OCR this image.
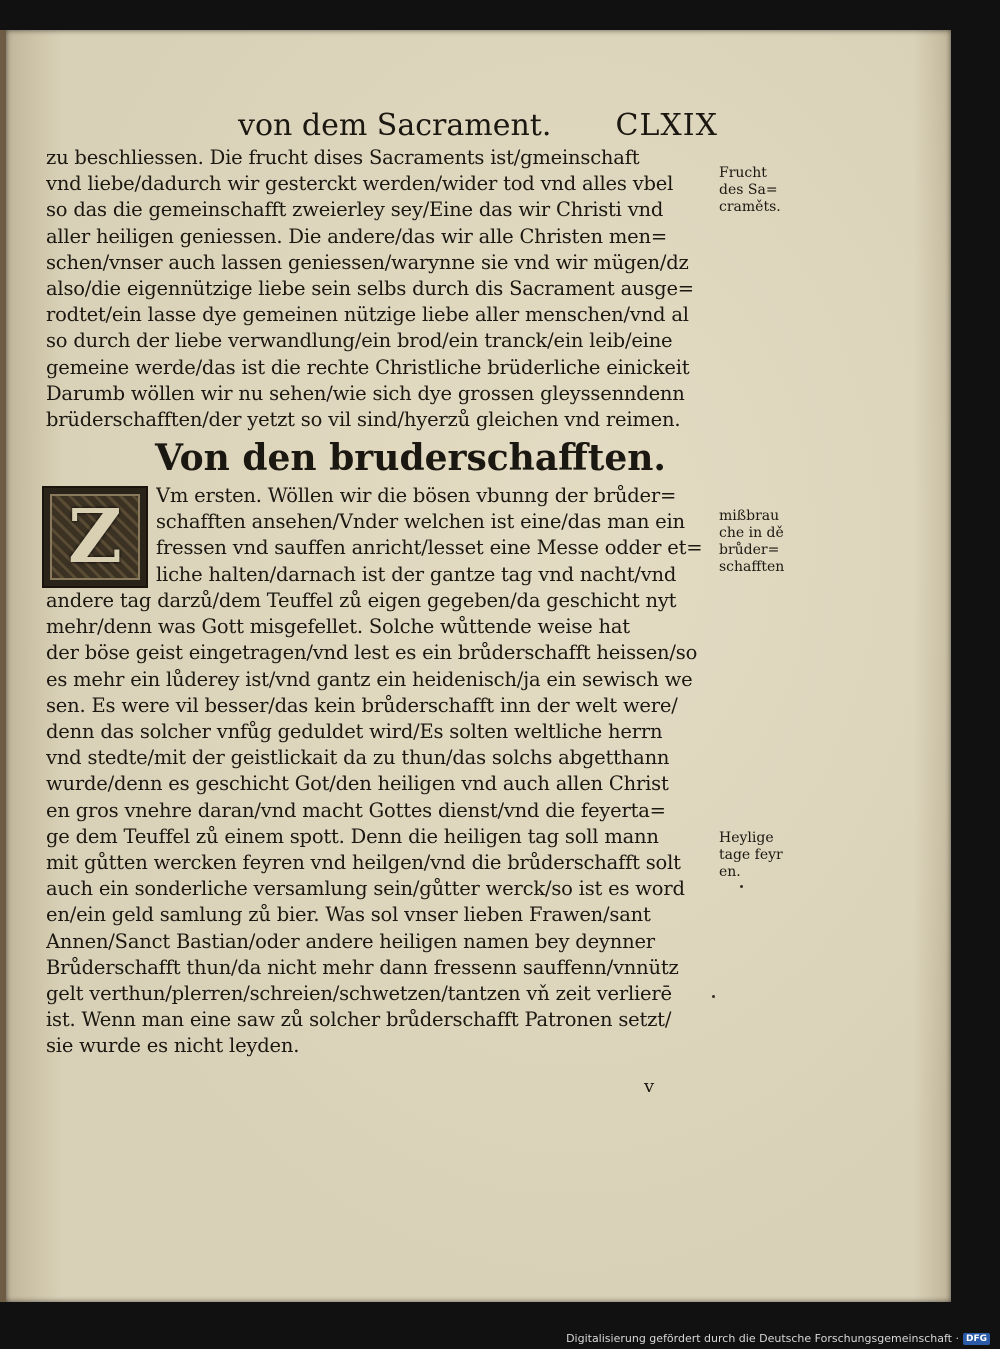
von dem Sacrament. CLXIX
zu beschliessen. Die frucht dises Sacraments ist/gmeinschaft
vnd liebe/dadurch wir gesterckt werden/wider tod vnd alles vbel
so das die gemeinschafft zweierley sey/Eine das wir Christi vnd
aller heiligen geniessen. Die andere/das wir alle Christen men=
schen/vnser auch lassen geniessen/warynne sie vnd wir mügen/dz
also/die eigennützige liebe sein selbs durch dis Sacrament ausge=
rodtet/ein lasse dye gemeinen nützige liebe aller menschen/vnd al
so durch der liebe verwandlung/ein brod/ein tranck/ein leib/eine
gemeine werde/das ist die rechte Christliche brüderliche einickeit
Darumb wöllen wir nu sehen/wie sich dye grossen gleyssenndenn
brüderschafften/der yetzt so vil sind/hyerzů gleichen vnd reimen.
Von den bruderschafften.
Z	Vm ersten. Wöllen wir die bösen vbunng der brůder=
schafften ansehen/Vnder welchen ist eine/das man ein
fressen vnd sauffen anricht/lesset eine Messe odder et=
liche halten/darnach ist der gantze tag vnd nacht/vnd
andere tag darzů/dem Teuffel zů eigen gegeben/da geschicht nyt
mehr/denn was Gott misgefellet. Solche wůttende weise hat
der böse geist eingetragen/vnd lest es ein brůderschafft heissen/so
es mehr ein lůderey ist/vnd gantz ein heidenisch/ja ein sewisch we
sen. Es were vil besser/das kein brůderschafft inn der welt were/
denn das solcher vnfůg geduldet wird/Es solten weltliche herrn
vnd stedte/mit der geistlickait da zu thun/das solchs abgetthann
wurde/denn es geschicht Got/den heiligen vnd auch allen Christ
en gros vnehre daran/vnd macht Gottes dienst/vnd die feyerta=
ge dem Teuffel zů einem spott. Denn die heiligen tag soll mann
mit gůtten wercken feyren vnd heilgen/vnd die brůderschafft solt
auch ein sonderliche versamlung sein/gůtter werck/so ist es word
en/ein geld samlung zů bier. Was sol vnser lieben Frawen/sant
Annen/Sanct Bastian/oder andere heiligen namen bey deynner
Brůderschafft thun/da nicht mehr dann fressenn sauffenn/vnnütz
gelt verthun/plerren/schreien/schwetzen/tantzen vň zeit verlierē
ist. Wenn man eine saw zů solcher brůderschafft Patronen setzt/
sie wurde es nicht leyden.
Frucht
des Sa=
craměts.
mißbrau
che in dě
brůder=
schafften
Heylige
tage feyr
en.
v
Digitalisierung gefördert durch die Deutsche Forschungsgemeinschaft · DFG
